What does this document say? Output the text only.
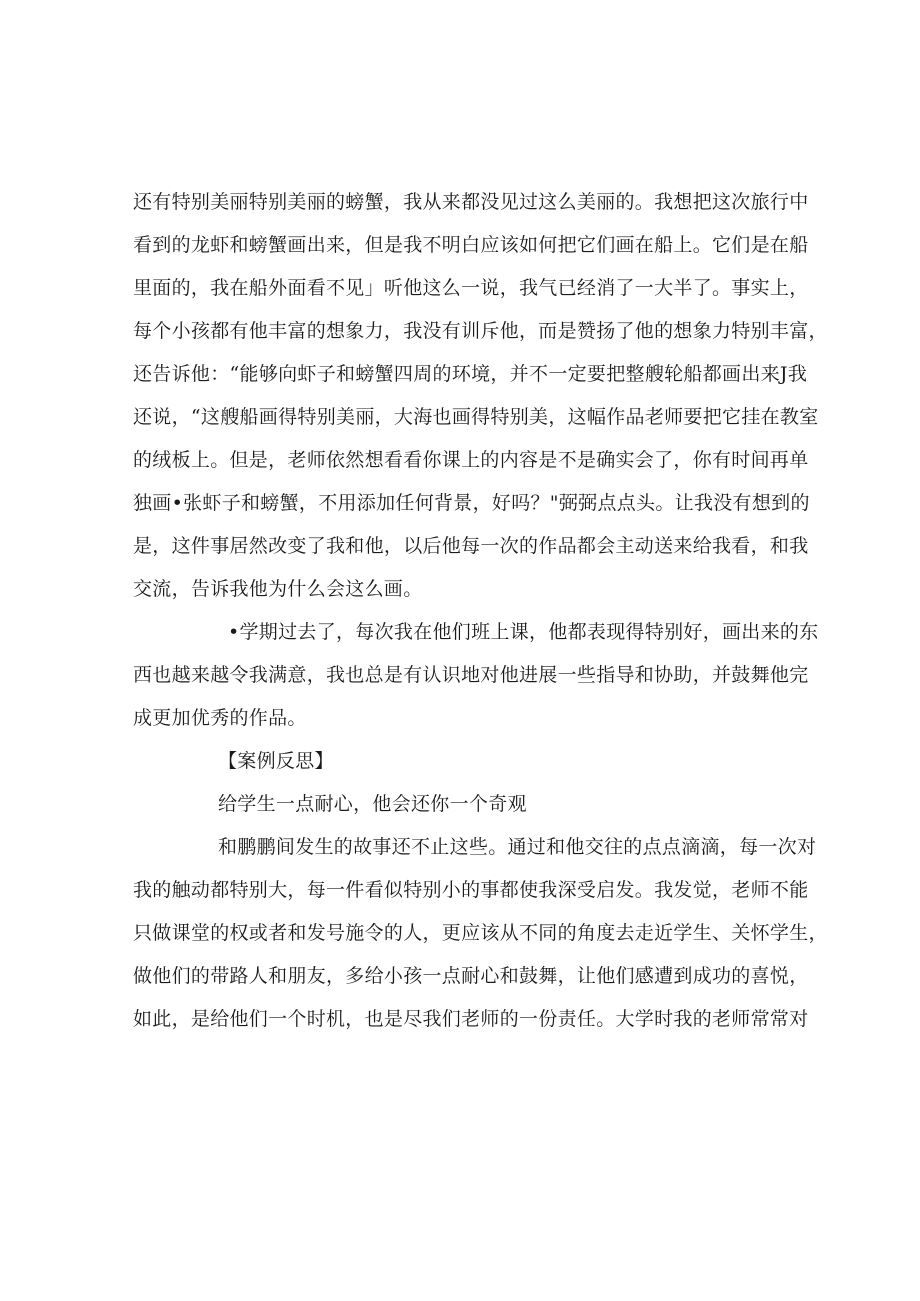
还有特别美丽特别美丽的螃蟹，我从来都没见过这么美丽的。我想把这次旅行中
看到的龙虾和螃蟹画出来，但是我不明白应该如何把它们画在船上。它们是在船
里面的，我在船外面看不见」听他这么一说，我气已经消了一大半了。事实上，
每个小孩都有他丰富的想象力，我没有训斥他，而是赞扬了他的想象力特别丰富，
还告诉他：“能够向虾子和螃蟹四周的环境，并不一定要把整艘轮船都画出来J我
还说，“这艘船画得特别美丽，大海也画得特别美，这幅作品老师要把它挂在教室
的绒板上。但是，老师依然想看看你课上的内容是不是确实会了，你有时间再单
独画•张虾子和螃蟹，不用添加任何背景，好吗？"弼弼点点头。让我没有想到的
是，这件事居然改变了我和他，以后他每一次的作品都会主动送来给我看，和我
交流，告诉我他为什么会这么画。
•学期过去了，每次我在他们班上课，他都表现得特别好，画出来的东
西也越来越令我满意，我也总是有认识地对他进展一些指导和协助，并鼓舞他完
成更加优秀的作品。
【案例反思】
给学生一点耐心，他会还你一个奇观
和鹏鹏间发生的故事还不止这些。通过和他交往的点点滴滴，每一次对
我的触动都特别大，每一件看似特别小的事都使我深受启发。我发觉，老师不能
只做课堂的权或者和发号施令的人，更应该从不同的角度去走近学生、关怀学生，
做他们的带路人和朋友，多给小孩一点耐心和鼓舞，让他们感遭到成功的喜悦，
如此，是给他们一个时机，也是尽我们老师的一份责任。大学时我的老师常常对
